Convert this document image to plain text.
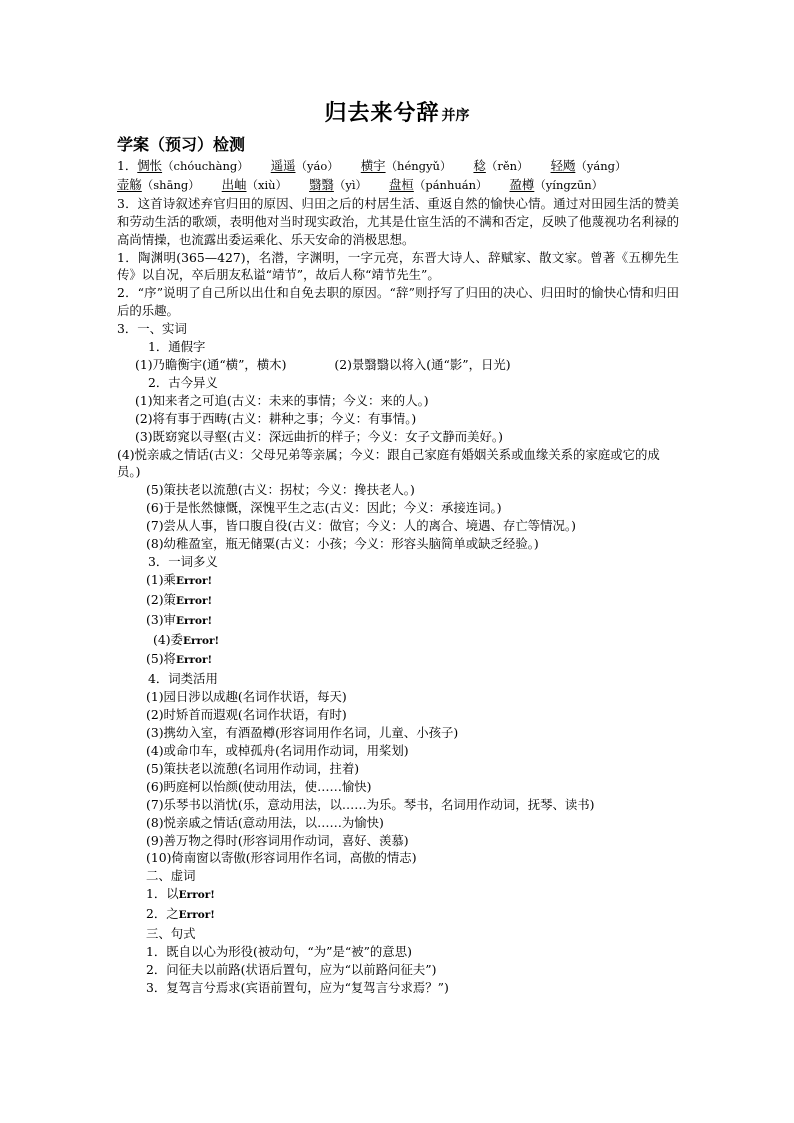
归去来兮辞 并序
学案（预习）检测
1．惆怅（chóuchàng） 遥遥（yáo） 横宇（héngyǔ） 稔（rěn） 轻飏（yáng）
壶觞（shāng） 出岫（xiù） 翳翳（yì） 盘桓（pánhuán） 盈樽（yíngzūn）
3．这首诗叙述弃官归田的原因、归田之后的村居生活、重返自然的愉快心情。通过对田园生活的赞美和劳动生活的歌颂，表明他对当时现实政治，尤其是仕宦生活的不满和否定，反映了他蔑视功名利禄的高尚情操，也流露出委运乘化、乐天安命的消极思想。
1．陶渊明(365—427)，名潜，字渊明，一字元亮，东晋大诗人、辞赋家、散文家。曾著《五柳先生传》以自况，卒后朋友私谥“靖节”，故后人称“靖节先生”。
2．“序”说明了自己所以出仕和自免去职的原因。“辞”则抒写了归田的决心、归田时的愉快心情和归田后的乐趣。
3．一、实词
1．通假字
(1)乃瞻衡宇(通“横”，横木)	(2)景翳翳以将入(通“影”，日光)
2．古今异义
(1)知来者之可追(古义：未来的事情；今义：来的人。)
(2)将有事于西畴(古义：耕种之事；今义：有事情。)
(3)既窈窕以寻壑(古义：深远曲折的样子；今义：女子文静而美好。)
(4)悦亲戚之情话(古义：父母兄弟等亲属；今义：跟自己家庭有婚姻关系或血缘关系的家庭或它的成员。)
(5)策扶老以流憩(古义：拐杖；今义：搀扶老人。)
(6)于是怅然慷慨，深愧平生之志(古义：因此；今义：承接连词。)
(7)尝从人事，皆口腹自役(古义：做官；今义：人的离合、境遇、存亡等情况。)
(8)幼稚盈室，瓶无储粟(古义：小孩；今义：形容头脑简单或缺乏经验。)
3．一词多义
(1)乘Error!
(2)策Error!
(3)审Error!
(4)委Error!
(5)将Error!
4．词类活用
(1)园日涉以成趣(名词作状语，每天)
(2)时矫首而遐观(名词作状语，有时)
(3)携幼入室，有酒盈樽(形容词用作名词，儿童、小孩子)
(4)或命巾车，或棹孤舟(名词用作动词，用桨划)
(5)策扶老以流憩(名词用作动词，拄着)
(6)眄庭柯以怡颜(使动用法，使……愉快)
(7)乐琴书以消忧(乐，意动用法，以……为乐。琴书，名词用作动词，抚琴、读书)
(8)悦亲戚之情话(意动用法，以……为愉快)
(9)善万物之得时(形容词用作动词，喜好、羡慕)
(10)倚南窗以寄傲(形容词用作名词，高傲的情志)
二、虚词
1．以Error!
2．之Error!
三、句式
1．既自以心为形役(被动句，“为”是“被”的意思)
2．问征夫以前路(状语后置句，应为“以前路问征夫”)
3．复驾言兮焉求(宾语前置句，应为“复驾言兮求焉？”)
